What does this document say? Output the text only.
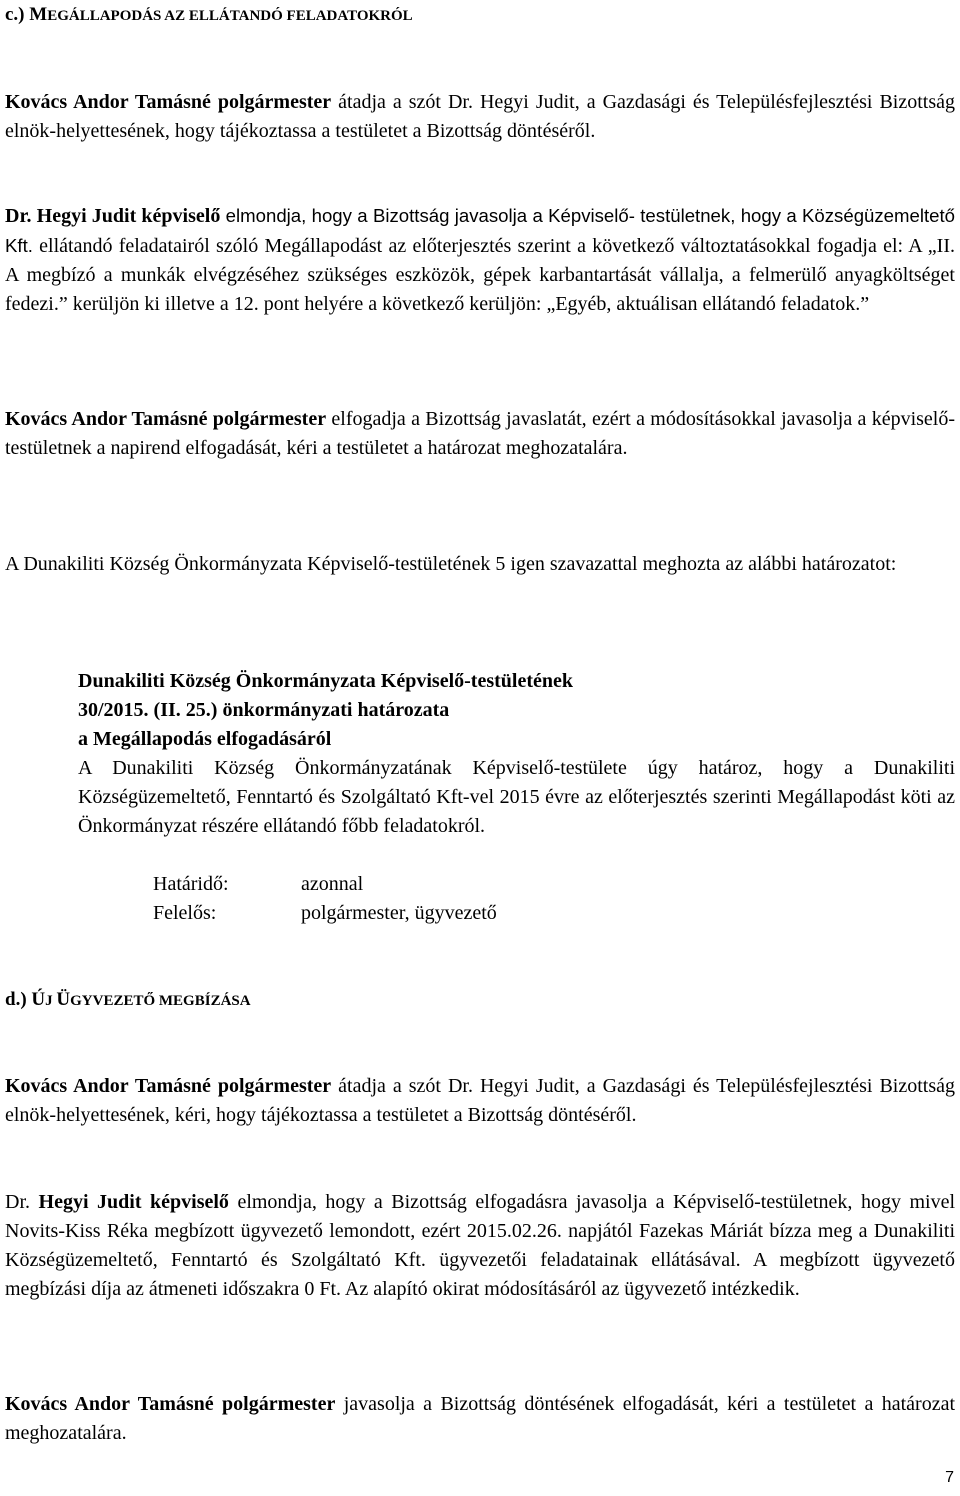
c.) MEGÁLLAPODÁS AZ ELLÁTANDÓ FELADATOKRÓL

Kovács Andor Tamásné polgármester átadja a szót Dr. Hegyi Judit, a Gazdasági és Településfejlesztési Bizottság elnök-helyettesének, hogy tájékoztassa a testületet a Bizottság döntéséről.

Dr. Hegyi Judit képviselő elmondja, hogy a Bizottság javasolja a Képviselő- testületnek, hogy a Községüzemeltető Kft. ellátandó feladatairól szóló Megállapodást az előterjesztés szerint a következő változtatásokkal fogadja el: A „II. A megbízó a munkák elvégzéséhez szükséges eszközök, gépek karbantartását vállalja, a felmerülő anyagköltséget fedezi.” kerüljön ki illetve a 12. pont helyére a következő kerüljön: „Egyéb, aktuálisan ellátandó feladatok.”

Kovács Andor Tamásné polgármester elfogadja a Bizottság javaslatát, ezért a módosításokkal javasolja a képviselő-testületnek a napirend elfogadását, kéri a testületet a határozat meghozatalára.

A Dunakiliti Község Önkormányzata Képviselő-testületének 5 igen szavazattal meghozta az alábbi határozatot:

Dunakiliti Község Önkormányzata Képviselő-testületének
30/2015. (II. 25.) önkormányzati határozata
a Megállapodás elfogadásáról

A Dunakiliti Község Önkormányzatának Képviselő-testülete úgy határoz, hogy a Dunakiliti Községüzemeltető, Fenntartó és Szolgáltató Kft-vel 2015 évre az előterjesztés szerinti Megállapodást köti az Önkormányzat részére ellátandó főbb feladatokról.

Határidő:	azonnal
Felelős:	polgármester, ügyvezető
d.) ÚJ ÜGYVEZETŐ MEGBÍZÁSA

Kovács Andor Tamásné polgármester átadja a szót Dr. Hegyi Judit, a Gazdasági és Településfejlesztési Bizottság elnök-helyettesének, kéri, hogy tájékoztassa a testületet a Bizottság döntéséről.

Dr. Hegyi Judit képviselő elmondja, hogy a Bizottság elfogadásra javasolja a Képviselő-testületnek, hogy mivel Novits-Kiss Réka megbízott ügyvezető lemondott, ezért 2015.02.26. napjától Fazekas Máriát bízza meg a Dunakiliti Községüzemeltető, Fenntartó és Szolgáltató Kft. ügyvezetői feladatainak ellátásával. A megbízott ügyvezető megbízási díja az átmeneti időszakra 0 Ft. Az alapító okirat módosításáról az ügyvezető intézkedik.

Kovács Andor Tamásné polgármester javasolja a Bizottság döntésének elfogadását, kéri a testületet a határozat meghozatalára.

7
